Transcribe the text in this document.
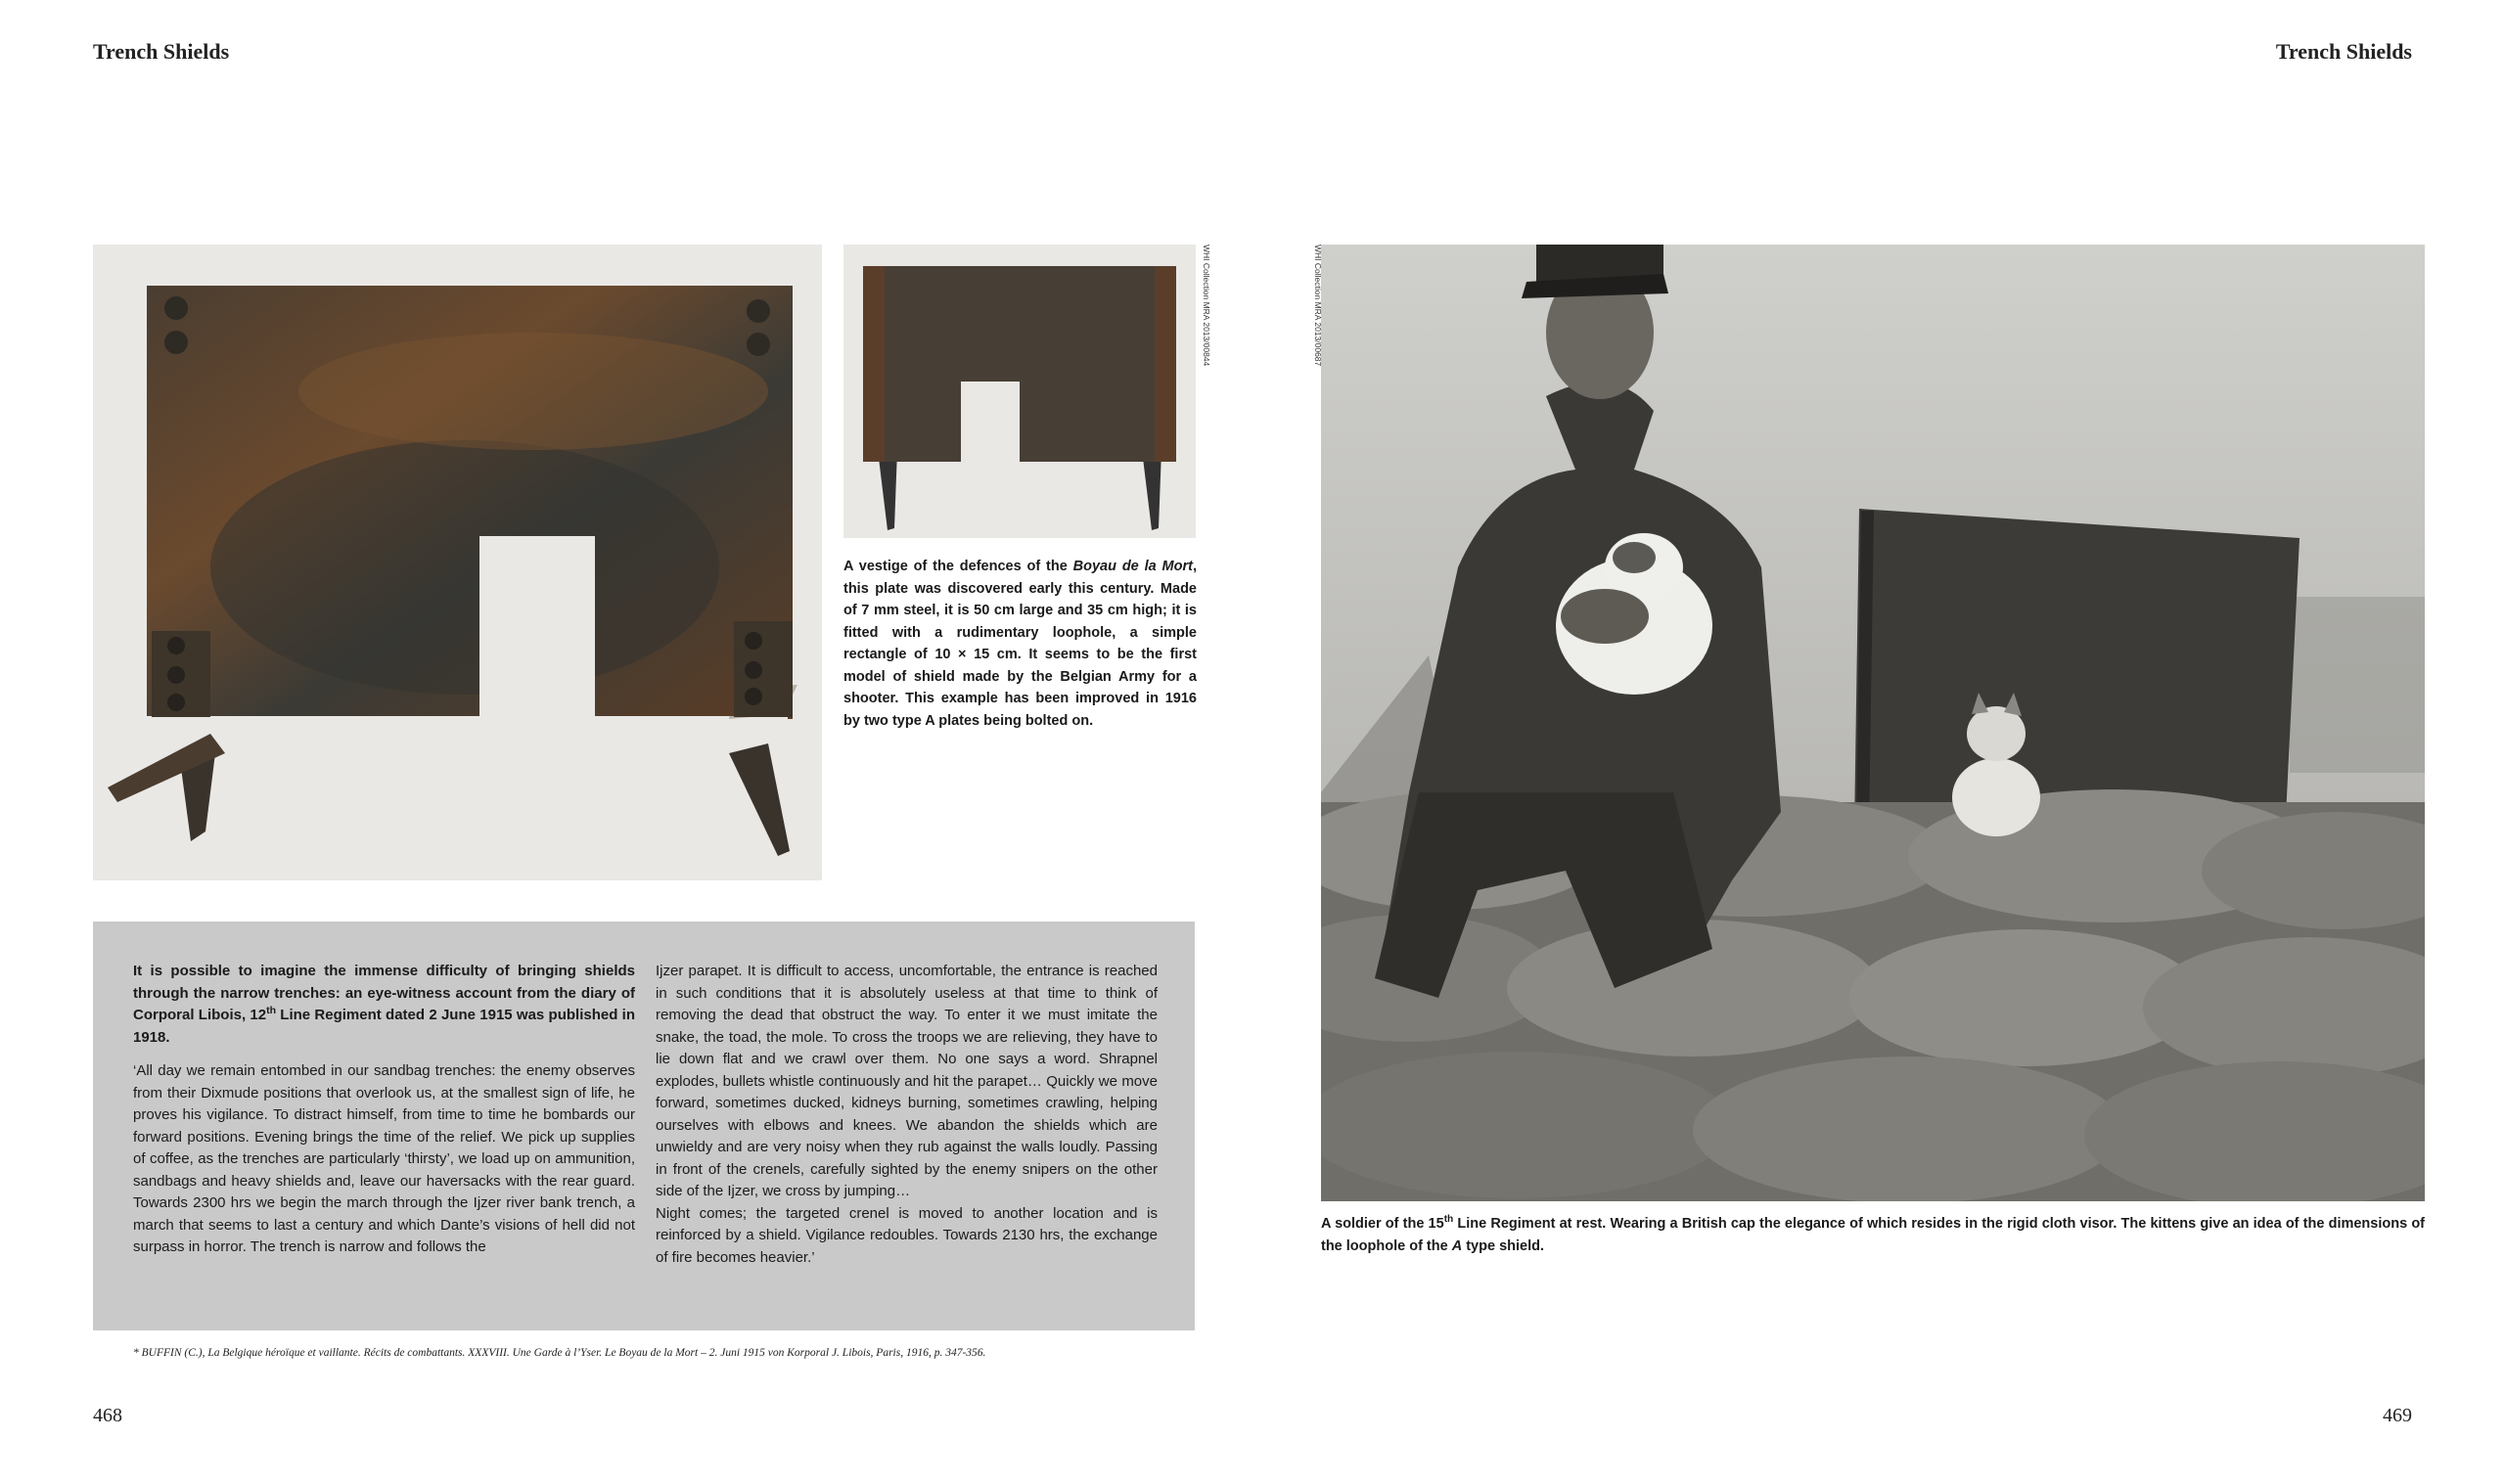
Trench Shields	Trench Shields
WHI Collection MRA 2013/00844

A vestige of the defences of the Boyau de la Mort, this plate was discovered early this century. Made of 7 mm steel, it is 50 cm large and 35 cm high; it is fitted with a rudimentary loophole, a simple rectangle of 10 × 15 cm. It seems to be the first model of shield made by the Belgian Army for a shooter. This example has been improved in 1916 by two type A plates being bolted on.

It is possible to imagine the immense difficulty of bringing shields through the narrow trenches: an eye-witness account from the diary of Corporal Libois, 12th Line Regiment dated 2 June 1915 was published in 1918.

‘All day we remain entombed in our sandbag trenches: the enemy observes from their Dixmude positions that overlook us, at the smallest sign of life, he proves his vigilance. To distract himself, from time to time he bombards our forward positions. Evening brings the time of the relief. We pick up supplies of coffee, as the trenches are particularly ‘thirsty’, we load up on ammunition, sandbags and heavy shields and, leave our haversacks with the rear guard. Towards 2300 hrs we begin the march through the Ijzer river bank trench, a march that seems to last a century and which Dante’s visions of hell did not surpass in horror. The trench is narrow and follows the

Ijzer parapet. It is difficult to access, uncomfortable, the entrance is reached in such conditions that it is absolutely useless at that time to think of removing the dead that obstruct the way. To enter it we must imitate the snake, the toad, the mole. To cross the troops we are relieving, they have to lie down flat and we crawl over them. No one says a word. Shrapnel explodes, bullets whistle continuously and hit the parapet… Quickly we move forward, sometimes ducked, kidneys burning, sometimes crawling, helping ourselves with elbows and knees. We abandon the shields which are unwieldy and are very noisy when they rub against the walls loudly. Passing in front of the crenels, carefully sighted by the enemy snipers on the other side of the Ijzer, we cross by jumping…

Night comes; the targeted crenel is moved to another location and is reinforced by a shield. Vigilance redoubles. Towards 2130 hrs, the exchange of fire becomes heavier.’

* BUFFIN (C.), La Belgique héroïque et vaillante. Récits de combattants. XXXVIII. Une Garde à l’Yser. Le Boyau de la Mort – 2. Juni 1915 von Korporal J. Libois, Paris, 1916, p. 347-356.
WHI Collection MRA 2013/00687

A soldier of the 15th Line Regiment at rest. Wearing a British cap the elegance of which resides in the rigid cloth visor. The kittens give an idea of the dimensions of the loophole of the A type shield.

468	469
